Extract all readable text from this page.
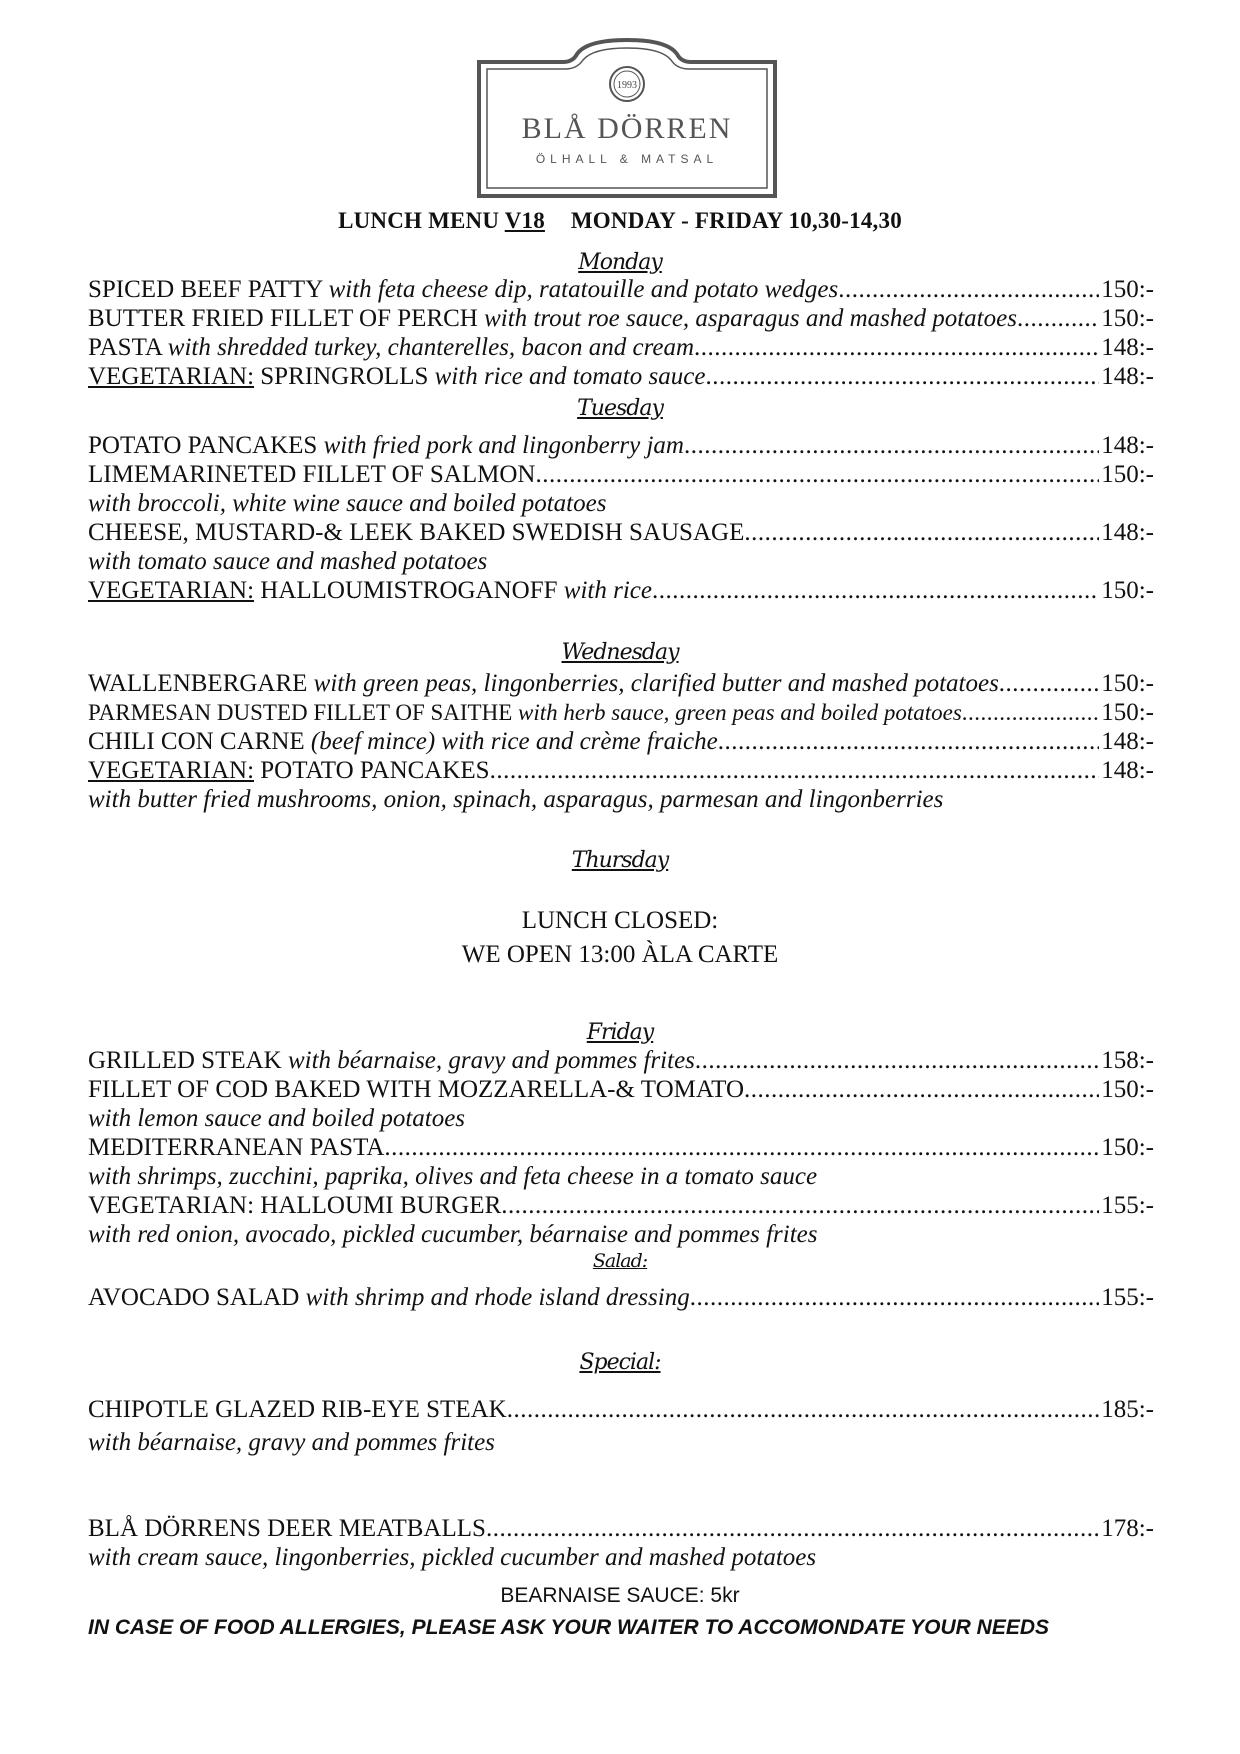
1993
BLÅ DÖRREN
ÖLHALL & MATSAL
LUNCH MENU V18 MONDAY - FRIDAY 10,30-14,30
Monday
SPICED BEEF PATTY with feta cheese dip, ratatouille and potato wedges .....	150:-
BUTTER FRIED FILLET OF PERCH with trout roe sauce, asparagus and mashed potatoes .....	150:-
PASTA with shredded turkey, chanterelles, bacon and cream .....	148:-
VEGETARIAN: SPRINGROLLS with rice and tomato sauce .....	148:-
Tuesday
POTATO PANCAKES with fried pork and lingonberry jam .....	148:-
LIMEMARINETED FILLET OF SALMON .....	150:-
with broccoli, white wine sauce and boiled potatoes
CHEESE, MUSTARD-& LEEK BAKED SWEDISH SAUSAGE .....	148:-
with tomato sauce and mashed potatoes
VEGETARIAN: HALLOUMISTROGANOFF with rice .....	150:-
Wednesday
WALLENBERGARE with green peas, lingonberries, clarified butter and mashed potatoes .....	150:-
PARMESAN DUSTED FILLET OF SAITHE with herb sauce, green peas and boiled potatoes .....	150:-
CHILI CON CARNE (beef mince) with rice and crème fraiche .....	148:-
VEGETARIAN: POTATO PANCAKES .....	148:-
with butter fried mushrooms, onion, spinach, asparagus, parmesan and lingonberries
Thursday
LUNCH CLOSED:
WE OPEN 13:00 ÀLA CARTE
Friday
GRILLED STEAK with béarnaise, gravy and pommes frites .....	158:-
FILLET OF COD BAKED WITH MOZZARELLA-& TOMATO .....	150:-
with lemon sauce and boiled potatoes
MEDITERRANEAN PASTA .....	150:-
with shrimps, zucchini, paprika, olives and feta cheese in a tomato sauce
VEGETARIAN: HALLOUMI BURGER .....	155:-
with red onion, avocado, pickled cucumber, béarnaise and pommes frites
Salad:
AVOCADO SALAD with shrimp and rhode island dressing .....	155:-
Special:
CHIPOTLE GLAZED RIB-EYE STEAK .....	185:-
with béarnaise, gravy and pommes frites
BLÅ DÖRRENS DEER MEATBALLS .....	178:-
with cream sauce, lingonberries, pickled cucumber and mashed potatoes
BEARNAISE SAUCE: 5kr
IN CASE OF FOOD ALLERGIES, PLEASE ASK YOUR WAITER TO ACCOMONDATE YOUR NEEDS
